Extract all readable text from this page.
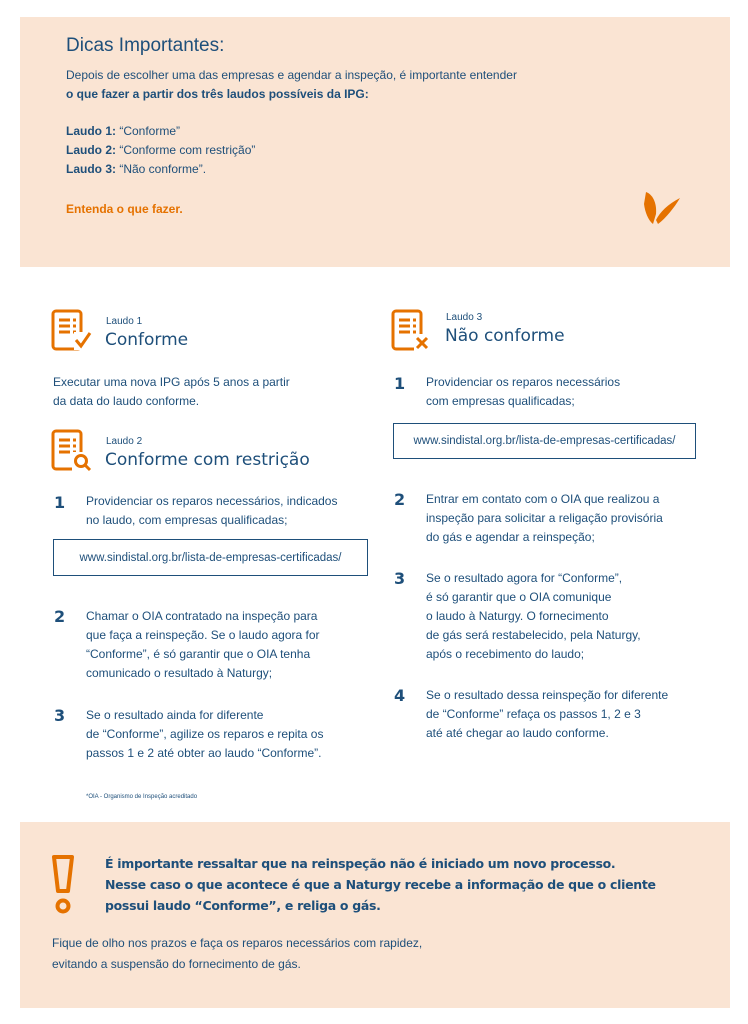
Dicas Importantes:
Depois de escolher uma das empresas e agendar a inspeção, é importante entender
o que fazer a partir dos três laudos possíveis da IPG:
Laudo 1: “Conforme”
Laudo 2: “Conforme com restrição”
Laudo 3: “Não conforme”.
Entenda o que fazer.
Laudo 1
Conforme
Executar uma nova IPG após 5 anos a partir
da data do laudo conforme.
Laudo 2
Conforme com restrição
1 Providenciar os reparos necessários, indicados
no laudo, com empresas qualificadas;
www.sindistal.org.br/lista-de-empresas-certificadas/
2 Chamar o OIA contratado na inspeção para
que faça a reinspeção. Se o laudo agora for
“Conforme”, é só garantir que o OIA tenha
comunicado o resultado à Naturgy;
3 Se o resultado ainda for diferente
de “Conforme”, agilize os reparos e repita os
passos 1 e 2 até obter ao laudo “Conforme”.
*OIA - Organismo de Inspeção acreditado
Laudo 3
Não conforme
1 Providenciar os reparos necessários
com empresas qualificadas;
www.sindistal.org.br/lista-de-empresas-certificadas/
2 Entrar em contato com o OIA que realizou a
inspeção para solicitar a religação provisória
do gás e agendar a reinspeção;
3 Se o resultado agora for “Conforme”,
é só garantir que o OIA comunique
o laudo à Naturgy. O fornecimento
de gás será restabelecido, pela Naturgy,
após o recebimento do laudo;
4 Se o resultado dessa reinspeção for diferente
de “Conforme” refaça os passos 1, 2 e 3
até até chegar ao laudo conforme.
É importante ressaltar que na reinspeção não é iniciado um novo processo.
Nesse caso o que acontece é que a Naturgy recebe a informação de que o cliente
possui laudo “Conforme”, e religa o gás.
Fique de olho nos prazos e faça os reparos necessários com rapidez,
evitando a suspensão do fornecimento de gás.
